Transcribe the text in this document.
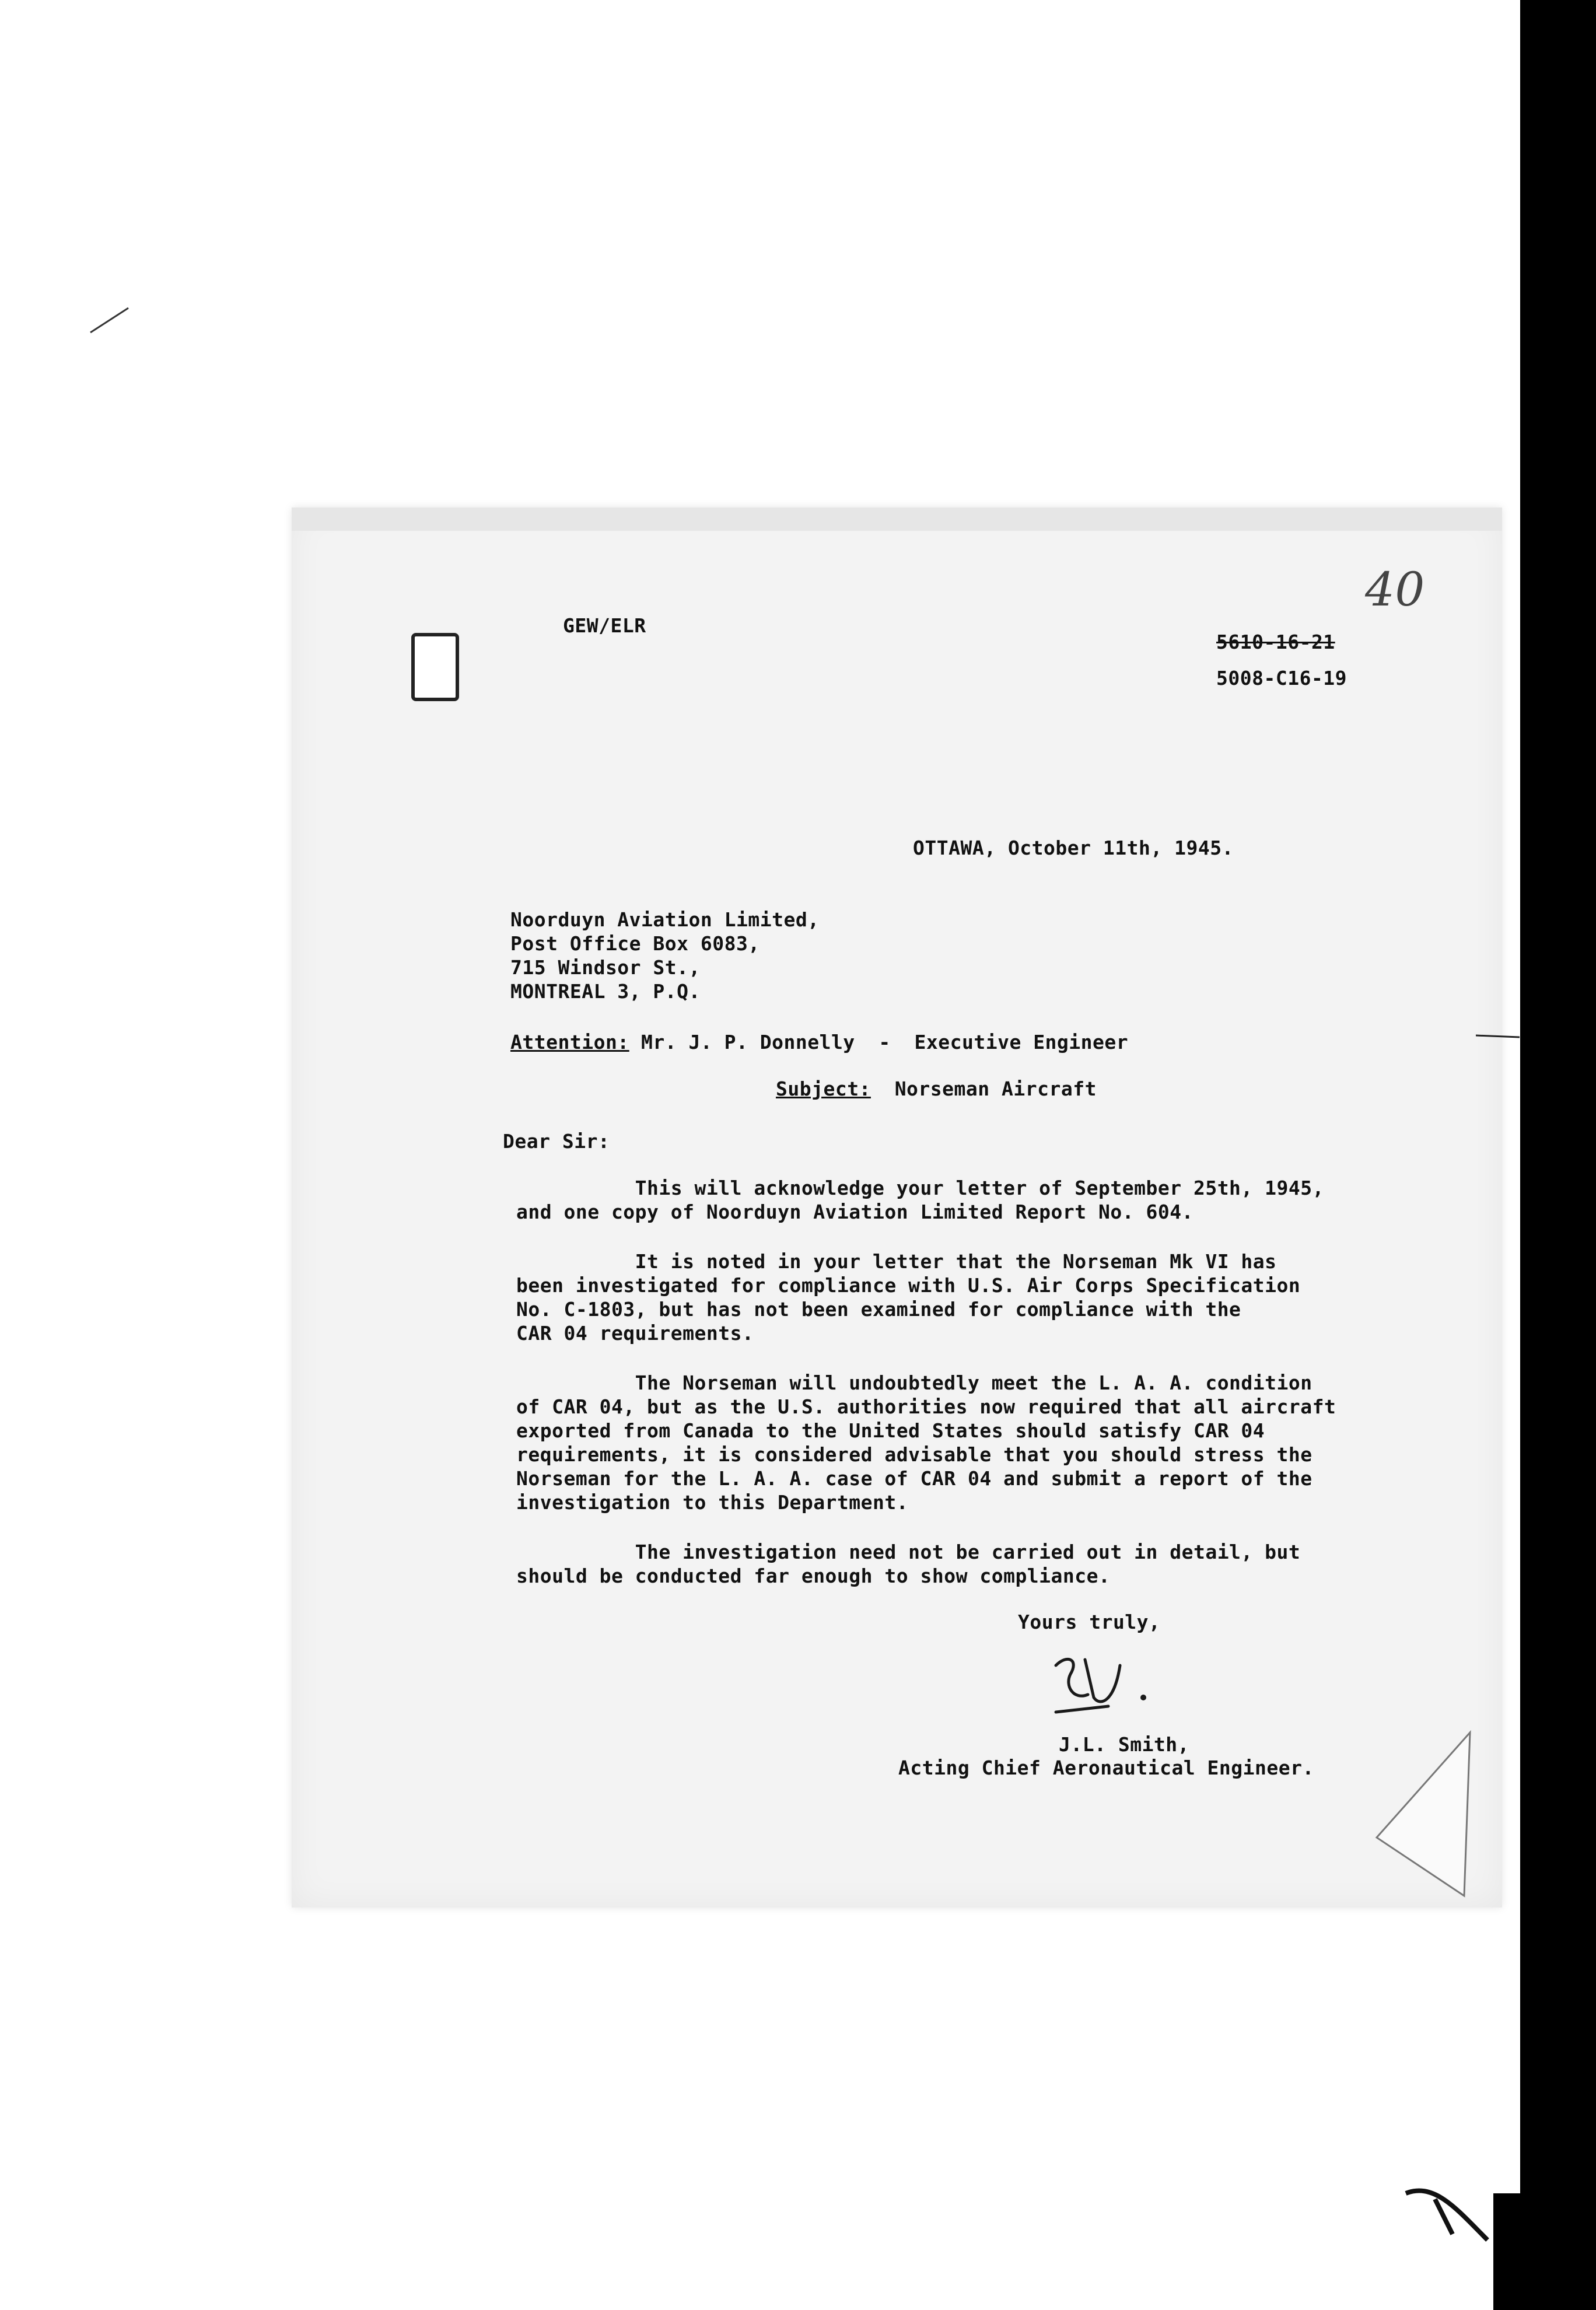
GEW/ELR
40
5610-16-21
5008-C16-19
OTTAWA, October 11th, 1945.
Noorduyn Aviation Limited,
Post Office Box 6083,
715 Windsor St.,
MONTREAL 3, P.Q.
Attention: Mr. J. P. Donnelly  -  Executive Engineer
Subject:  Norseman Aircraft
Dear Sir:
This will acknowledge your letter of September 25th, 1945,
and one copy of Noorduyn Aviation Limited Report No. 604.
It is noted in your letter that the Norseman Mk VI has
been investigated for compliance with U.S. Air Corps Specification
No. C-1803, but has not been examined for compliance with the
CAR 04 requirements.
The Norseman will undoubtedly meet the L. A. A. condition
of CAR 04, but as the U.S. authorities now required that all aircraft
exported from Canada to the United States should satisfy CAR 04
requirements, it is considered advisable that you should stress the
Norseman for the L. A. A. case of CAR 04 and submit a report of the
investigation to this Department.
The investigation need not be carried out in detail, but
should be conducted far enough to show compliance.
Yours truly,
J.L. Smith,
Acting Chief Aeronautical Engineer.
